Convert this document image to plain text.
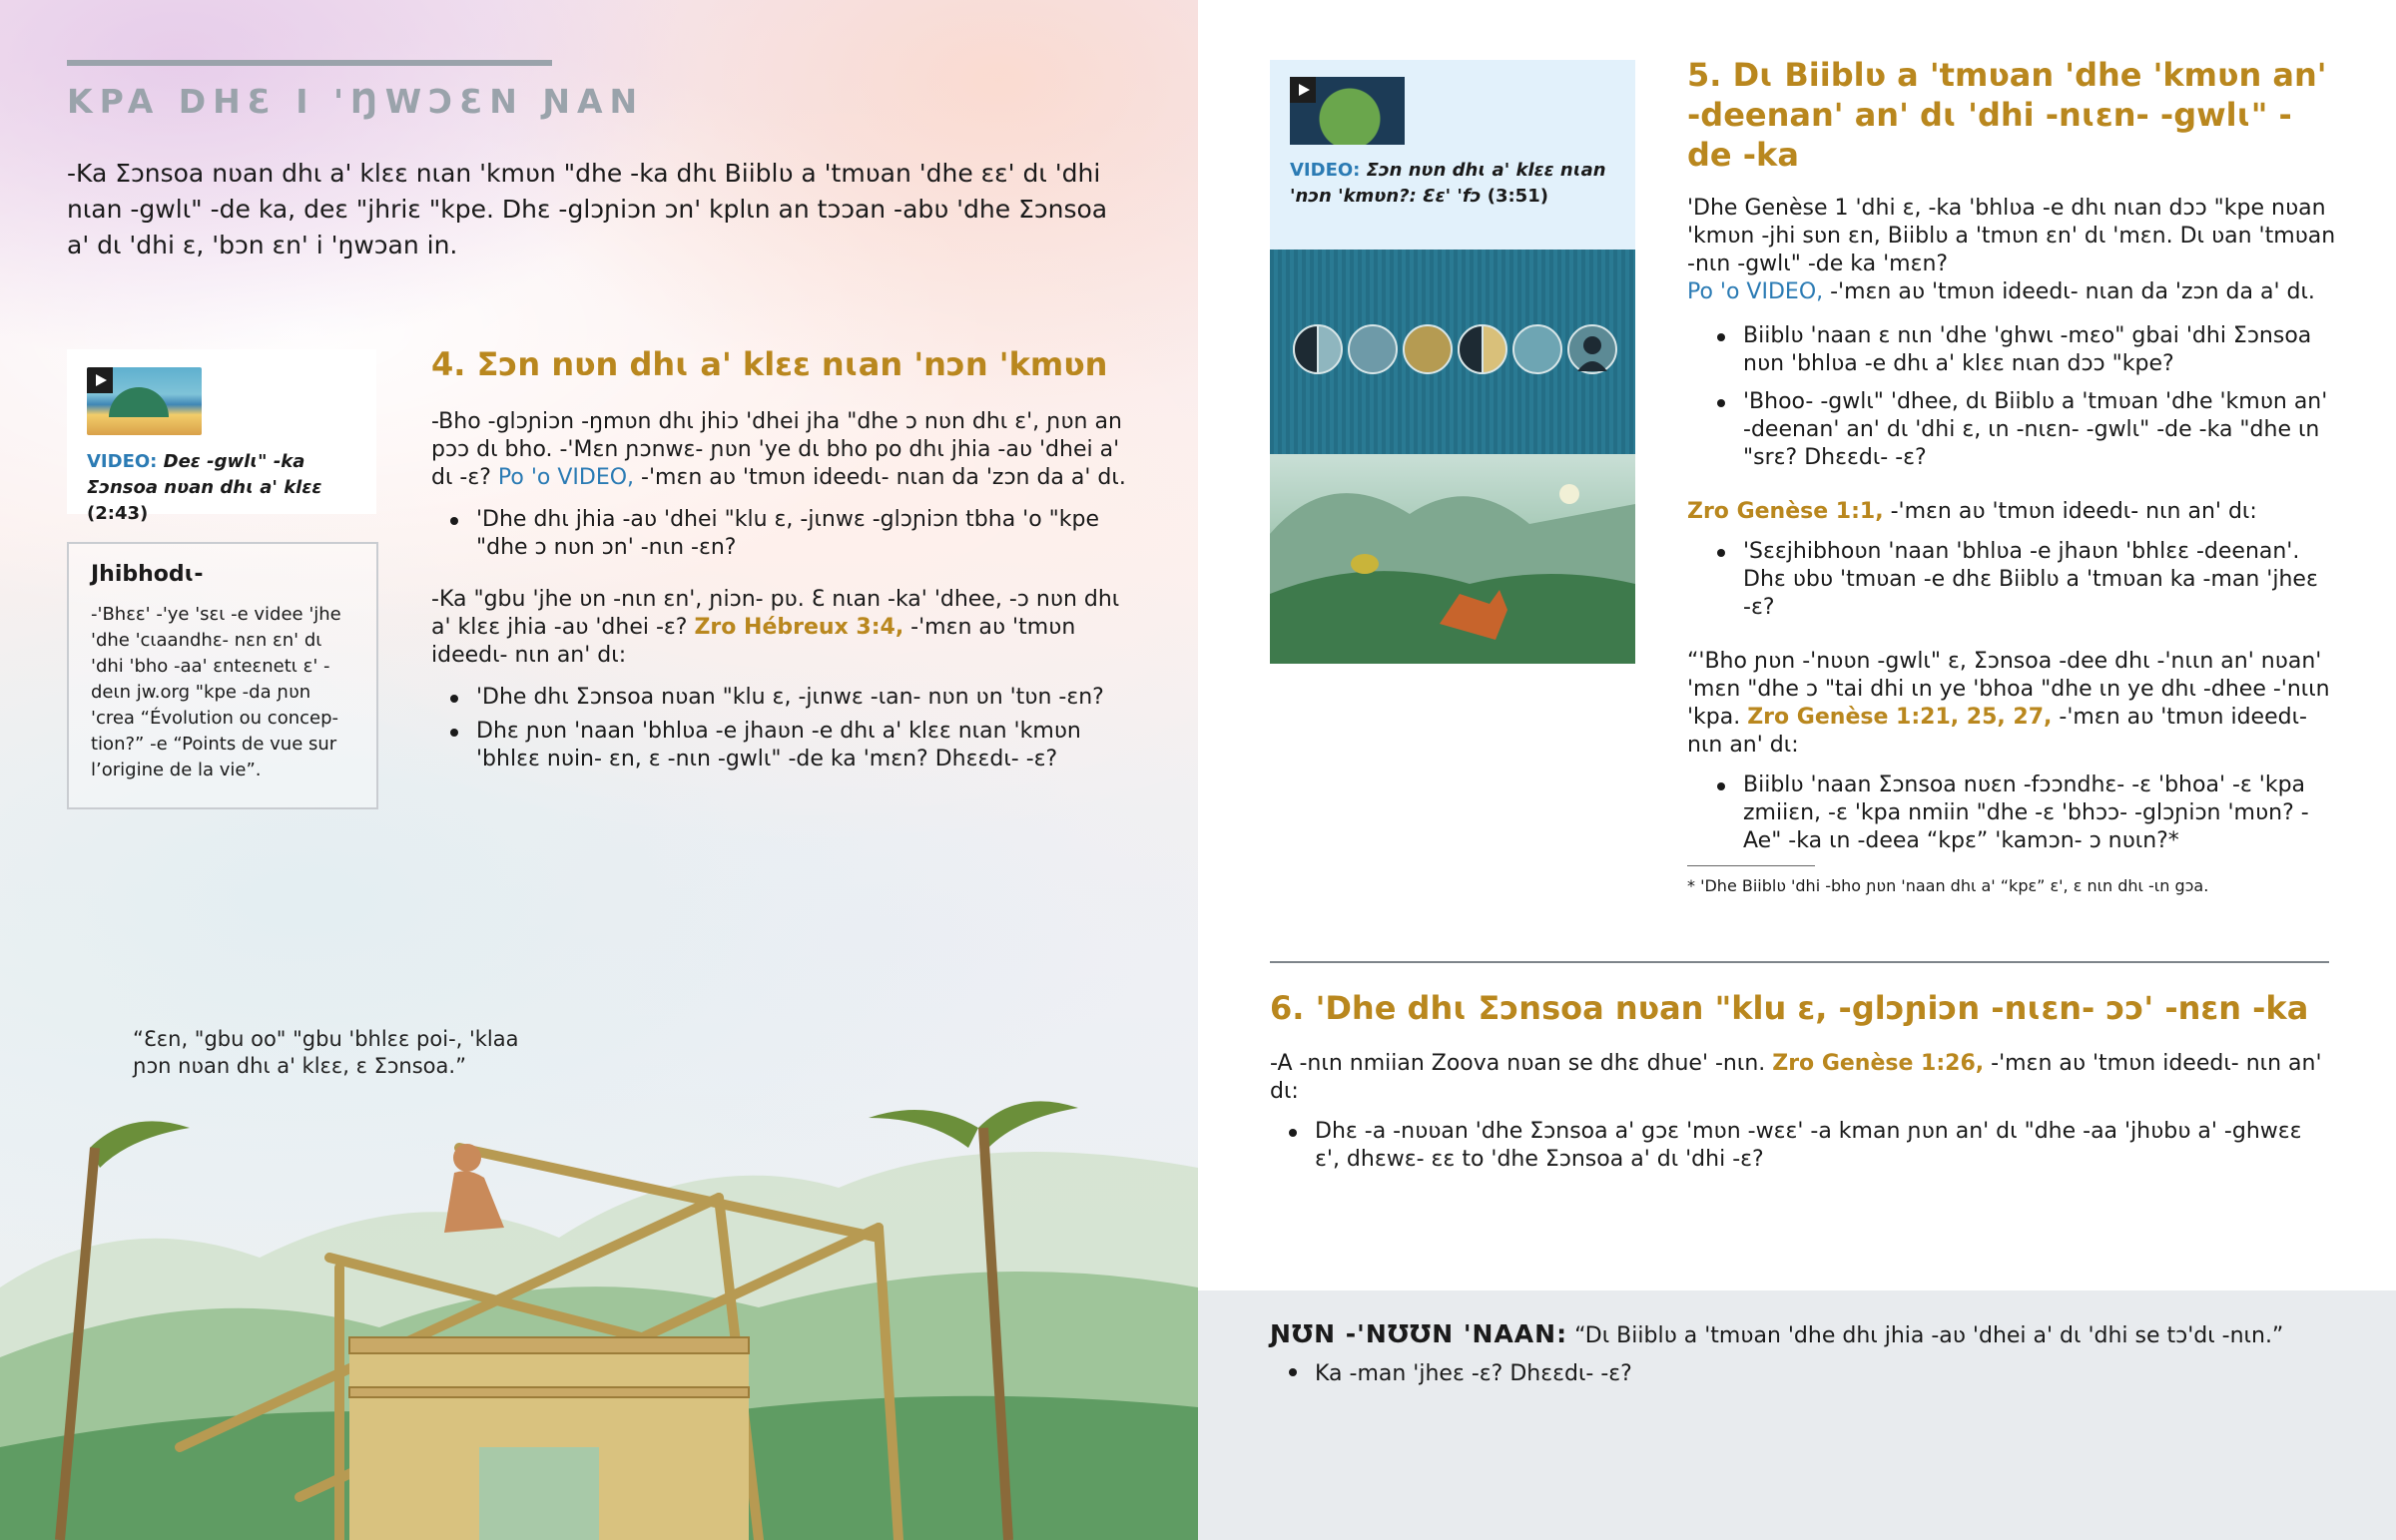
KPA DHƐ I 'ŊWƆƐN ƝAN
-Ka Ʃɔnsoa nʋan dhɩ a' klɛɛ nɩan 'kmʋn "dhe -ka dhɩ Biiblʋ a 'tmʋan 'dhe ɛɛ' dɩ 'dhi nɩan -gwlɩ" -de ka, deɛ "jhriɛ "kpe. Dhɛ -glɔɲiɔn ɔn' kplɩn an tɔɔan -abʋ 'dhe Ʃɔnsoa a' dɩ 'dhi ɛ, 'bɔn ɛn' i 'ŋwɔan in.
VIDEO: Deɛ -gwlɩ" -ka Ʃɔnsoa nʋan dhɩ a' klɛɛ (2:43)
Jhibhodɩ-

-'Bhɛɛ' -'ye 'sɛɩ -e videe 'jhe 'dhe 'cɩaandhɛ- nɛn ɛn' dɩ 'dhi 'bho -aa' ɛnteɛnetɩ ɛ' -deɩn jw.org "kpe -da ɲʋn 'crea “Évolution ou conception?” -e “Points de vue sur l’origine de la vie”.

4. Ʃɔn nʋn dhɩ a' klɛɛ nɩan 'nɔn 'kmʋn
-Bho -glɔɲiɔn -ŋmʋn dhɩ jhiɔ 'dhei jha "dhe ɔ nʋn dhɩ ɛ', ɲʋn an pɔɔ dɩ bho. -'Mɛn ɲɔnwɛ- ɲʋn 'ye dɩ bho po dhɩ jhia -aʋ 'dhei a' dɩ -ɛ? Po 'o VIDEO, -'mɛn aʋ 'tmʋn ideedɩ- nɩan da 'zɔn da a' dɩ.
'Dhe dhɩ jhia -aʋ 'dhei "klu ɛ, -jɩnwɛ -glɔɲiɔn tbha 'o "kpe "dhe ɔ nʋn ɔn' -nɩn -ɛn?
-Ka "gbu 'jhe ʋn -nɩn ɛn', ɲiɔn- pʋ. Ɛ nɩan -ka' 'dhee, -ɔ nʋn dhɩ a' klɛɛ jhia -aʋ 'dhei -ɛ? Zro Hébreux 3:4, -'mɛn aʋ 'tmʋn ideedɩ- nɩn an' dɩ:
'Dhe dhɩ Ʃɔnsoa nʋan "klu ɛ, -jɩnwɛ -ɩan- nʋn ʋn 'tʋn -ɛn?
Dhɛ ɲʋn 'naan 'bhlʋa -e jhaʋn -e dhɩ a' klɛɛ nɩan 'kmʋn 'bhlɛɛ nʋin- ɛn, ɛ -nɩn -gwlɩ" -de ka 'mɛn? Dhɛɛdɩ- -ɛ?
“Ɛɛn, "gbu oo" "gbu 'bhlɛɛ poi-, 'klaa ɲɔn nʋan dhɩ a' klɛɛ, ɛ Ʃɔnsoa.”
VIDEO: Ʃɔn nʋn dhɩ a' klɛɛ nɩan 'nɔn 'kmʋn?: Ɛɛ' 'fɔ (3:51)
5. Dɩ Biiblʋ a 'tmʋan 'dhe 'kmʋn an' -deenan' an' dɩ 'dhi -nɩɛn- -gwlɩ" -de -ka
'Dhe Genèse 1 'dhi ɛ, -ka 'bhlʋa -e dhɩ nɩan dɔɔ "kpe nʋan 'kmʋn -jhi sʋn ɛn, Biiblʋ a 'tmʋn ɛn' dɩ 'mɛn. Dɩ ʋan 'tmʋan -nɩn -gwlɩ" -de ka 'mɛn?
Po 'o VIDEO, -'mɛn aʋ 'tmʋn ideedɩ- nɩan da 'zɔn da a' dɩ.
Biiblʋ 'naan ɛ nɩn 'dhe 'ghwɩ -mɛo" gbai 'dhi Ʃɔnsoa nʋn 'bhlʋa -e dhɩ a' klɛɛ nɩan dɔɔ "kpe?
'Bhoo- -gwlɩ" 'dhee, dɩ Biiblʋ a 'tmʋan 'dhe 'kmʋn an' -deenan' an' dɩ 'dhi ɛ, ɩn -nɩɛn- -gwlɩ" -de -ka "dhe ɩn "srɛ? Dhɛɛdɩ- -ɛ?
Zro Genèse 1:1, -'mɛn aʋ 'tmʋn ideedɩ- nɩn an' dɩ:
'Sɛɛjhibhoʋn 'naan 'bhlʋa -e jhaʋn 'bhlɛɛ -deenan'. Dhɛ ʋbʋ 'tmʋan -e dhɛ Biiblʋ a 'tmʋan ka -man 'jheɛ -ɛ?
“'Bho ɲʋn -'nʋʋn -gwlɩ" ɛ, Ʃɔnsoa -dee dhɩ -'nɩɩn an' nʋan' 'mɛn "dhe ɔ "tai dhi ɩn ye 'bhoa "dhe ɩn ye dhɩ -dhee -'nɩɩn 'kpa. Zro Genèse 1:21, 25, 27, -'mɛn aʋ 'tmʋn ideedɩ- nɩn an' dɩ:
Biiblʋ 'naan Ʃɔnsoa nʋɛn -fɔɔndhɛ- -ɛ 'bhoa' -ɛ 'kpa zmiiɛn, -ɛ 'kpa nmiin "dhe -ɛ 'bhɔɔ- -glɔɲiɔn 'mʋn? -Ae" -ka ɩn -deea “kpɛ” 'kamɔn- ɔ nʋɩn?*
* 'Dhe Biiblʋ 'dhi -bho ɲʋn 'naan dhɩ a' “kpɛ” ɛ', ɛ nɩn dhɩ -ɩn gɔa.
6. 'Dhe dhɩ Ʃɔnsoa nʋan "klu ɛ, -glɔɲiɔn -nɩɛn- ɔɔ' -nɛn -ka
-A -nɩn nmiian Zoova nʋan se dhɛ dhue' -nɩn. Zro Genèse 1:26, -'mɛn aʋ 'tmʋn ideedɩ- nɩn an' dɩ:
Dhɛ -a -nʋʋan 'dhe Ʃɔnsoa a' gɔɛ 'mʋn -wɛɛ' -a kman ɲʋn an' dɩ "dhe -aa 'jhʋbʋ a' -ghwɛɛ ɛ', dhɛwɛ- ɛɛ to 'dhe Ʃɔnsoa a' dɩ 'dhi -ɛ?
ƝƱN -'NƱƱN 'NAAN: “Dɩ Biiblʋ a 'tmʋan 'dhe dhɩ jhia -aʋ 'dhei a' dɩ 'dhi se tɔ'dɩ -nɩn.”
Ka -man 'jheɛ -ɛ? Dhɛɛdɩ- -ɛ?
